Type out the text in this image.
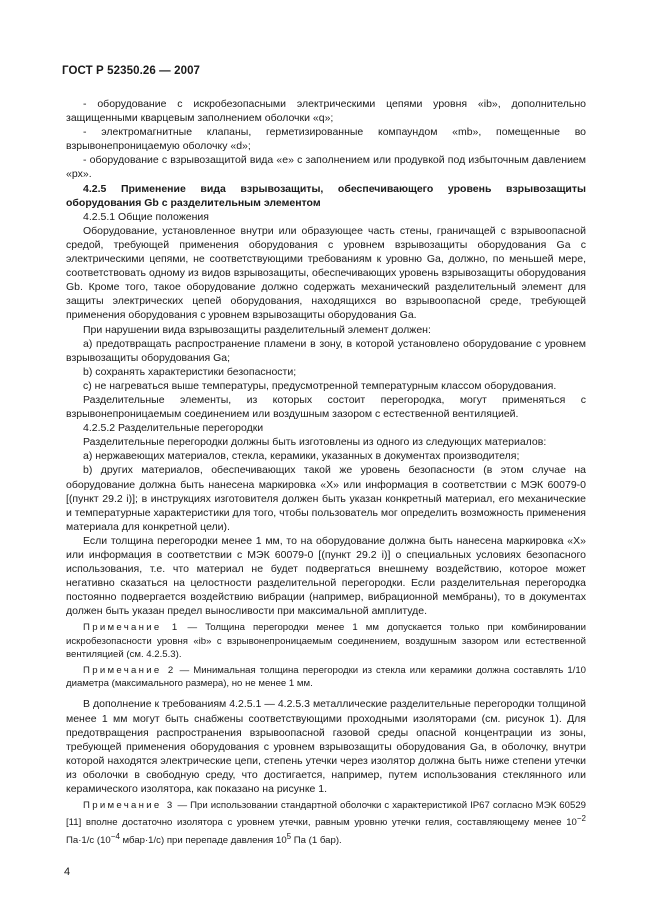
ГОСТ Р 52350.26 — 2007

- оборудование с искробезопасными электрическими цепями уровня «ib», дополнительно защищенными кварцевым заполнением оболочки «q»;

- электромагнитные клапаны, герметизированные компаундом «mb», помещенные во взрывонепроницаемую оболочку «d»;

- оборудование с взрывозащитой вида «е» с заполнением или продувкой под избыточным давлением «px».

4.2.5 Применение вида взрывозащиты, обеспечивающего уровень взрывозащиты оборудования Gb с разделительным элементом

4.2.5.1 Общие положения

Оборудование, установленное внутри или образующее часть стены, граничащей с взрывоопасной средой, требующей применения оборудования с уровнем взрывозащиты оборудования Ga с электрическими цепями, не соответствующими требованиям к уровню Ga, должно, по меньшей мере, соответствовать одному из видов взрывозащиты, обеспечивающих уровень взрывозащиты оборудования Gb. Кроме того, такое оборудование должно содержать механический разделительный элемент для защиты электрических цепей оборудования, находящихся во взрывоопасной среде, требующей применения оборудования с уровнем взрывозащиты оборудования Ga.

При нарушении вида взрывозащиты разделительный элемент должен:

a) предотвращать распространение пламени в зону, в которой установлено оборудование с уровнем взрывозащиты оборудования Ga;

b) сохранять характеристики безопасности;

c) не нагреваться выше температуры, предусмотренной температурным классом оборудования.

Разделительные элементы, из которых состоит перегородка, могут применяться с взрывонепроницаемым соединением или воздушным зазором с естественной вентиляцией.

4.2.5.2 Разделительные перегородки

Разделительные перегородки должны быть изготовлены из одного из следующих материалов:

a) нержавеющих материалов, стекла, керамики, указанных в документах производителя;

b) других материалов, обеспечивающих такой же уровень безопасности (в этом случае на оборудование должна быть нанесена маркировка «X» или информация в соответствии с МЭК 60079-0 [(пункт 29.2 i)]; в инструкциях изготовителя должен быть указан конкретный материал, его механические и температурные характеристики для того, чтобы пользователь мог определить возможность применения материала для конкретной цели).

Если толщина перегородки менее 1 мм, то на оборудование должна быть нанесена маркировка «X» или информация в соответствии с МЭК 60079-0 [(пункт 29.2 i)] о специальных условиях безопасного использования, т.е. что материал не будет подвергаться внешнему воздействию, которое может негативно сказаться на целостности разделительной перегородки. Если разделительная перегородка постоянно подвергается воздействию вибрации (например, вибрационной мембраны), то в документах должен быть указан предел выносливости при максимальной амплитуде.

Примечание 1 — Толщина перегородки менее 1 мм допускается только при комбинировании искробезопасности уровня «ib» с взрывонепроницаемым соединением, воздушным зазором или естественной вентиляцией (см. 4.2.5.3).

Примечание 2 — Минимальная толщина перегородки из стекла или керамики должна составлять 1/10 диаметра (максимального размера), но не менее 1 мм.

В дополнение к требованиям 4.2.5.1 — 4.2.5.3 металлические разделительные перегородки толщиной менее 1 мм могут быть снабжены соответствующими проходными изоляторами (см. рисунок 1). Для предотвращения распространения взрывоопасной газовой среды опасной концентрации из зоны, требующей применения оборудования с уровнем взрывозащиты оборудования Ga, в оболочку, внутри которой находятся электрические цепи, степень утечки через изолятор должна быть ниже степени утечки из оболочки в свободную среду, что достигается, например, путем использования стеклянного или керамического изолятора, как показано на рисунке 1.

Примечание 3 — При использовании стандартной оболочки с характеристикой IP67 согласно МЭК 60529 [11] вполне достаточно изолятора с уровнем утечки, равным уровню утечки гелия, составляющему менее $10^{-2}$ Па·1/с ($10^{-4}$ мбар·1/с) при перепаде давления $10^5$ Па (1 бар).

4
